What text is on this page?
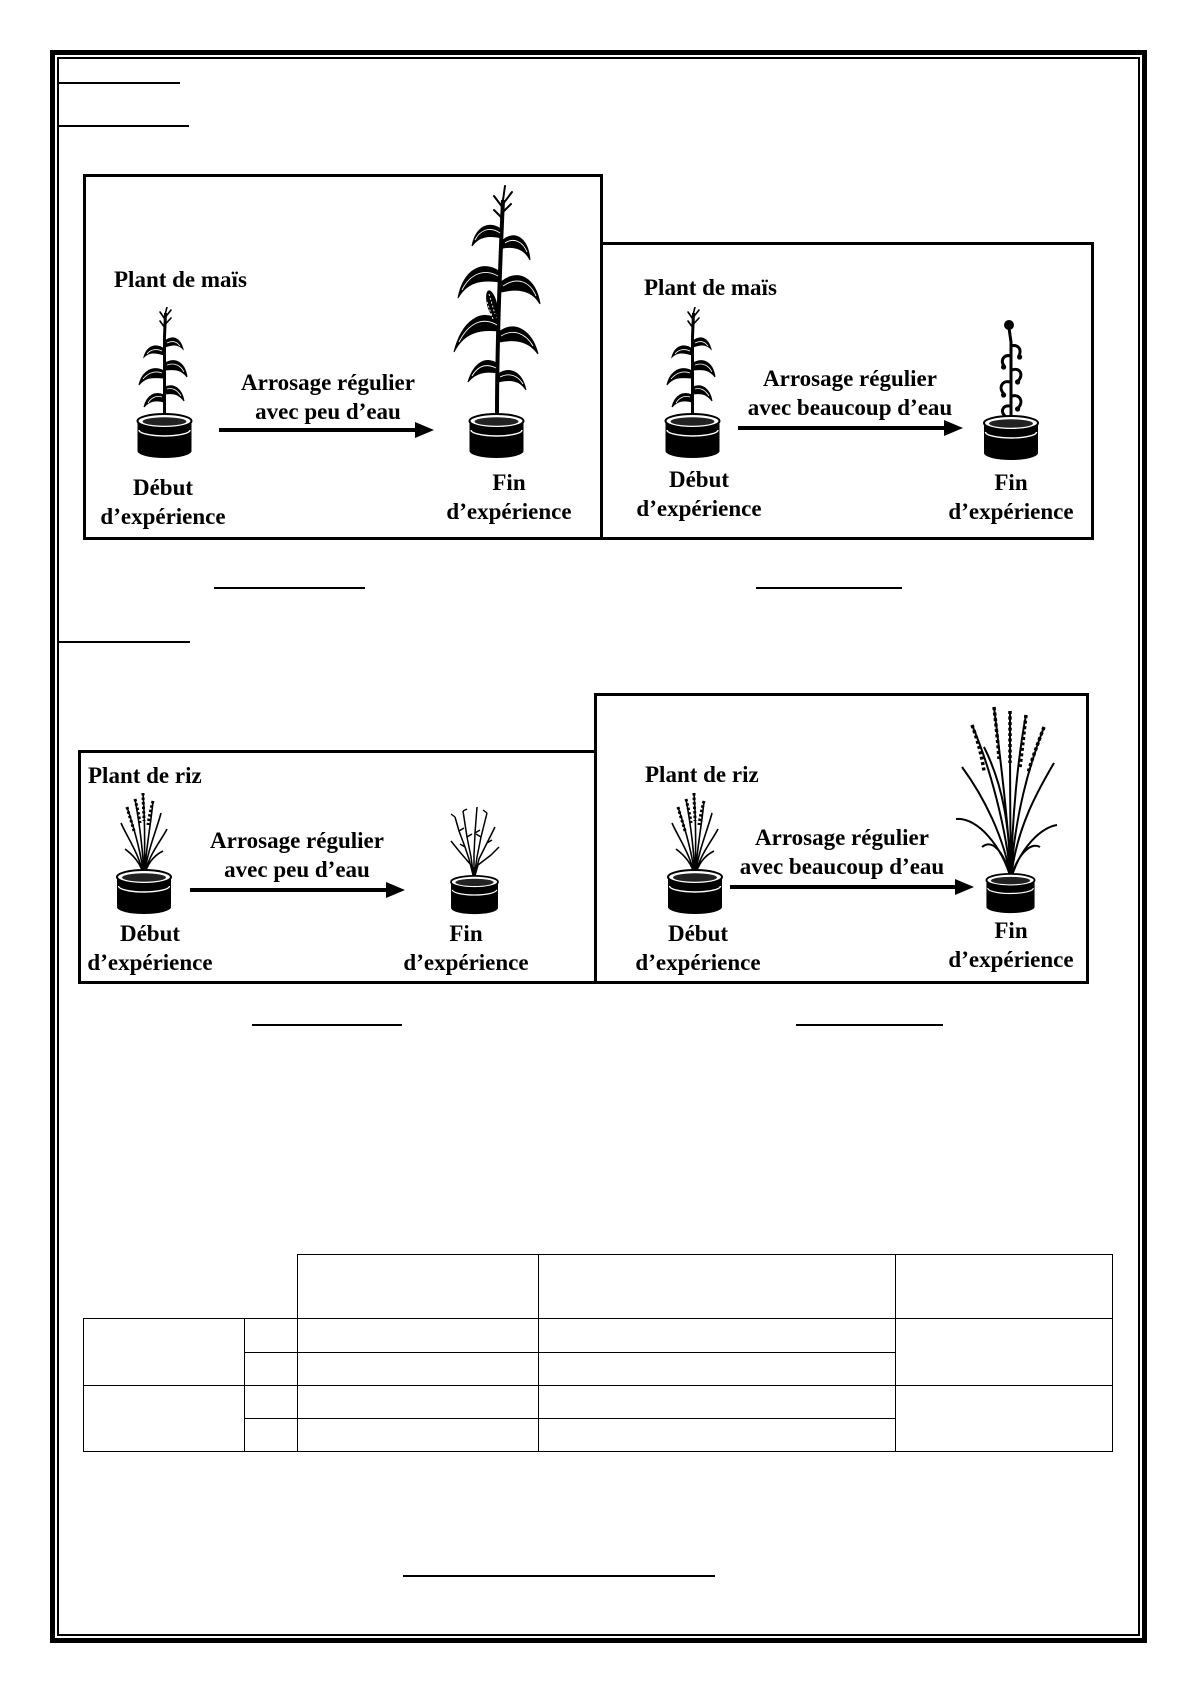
Plant de maïs
Arrosage régulier
avec peu d’eau
Début
d’expérience
Fin
d’expérience
Plant de maïs
Arrosage régulier
avec beaucoup d’eau
Début
d’expérience
Fin
d’expérience
Plant de riz
Arrosage régulier
avec peu d’eau
Début
d’expérience
Fin
d’expérience
Plant de riz
Arrosage régulier
avec beaucoup d’eau
Début
d’expérience
Fin
d’expérience
